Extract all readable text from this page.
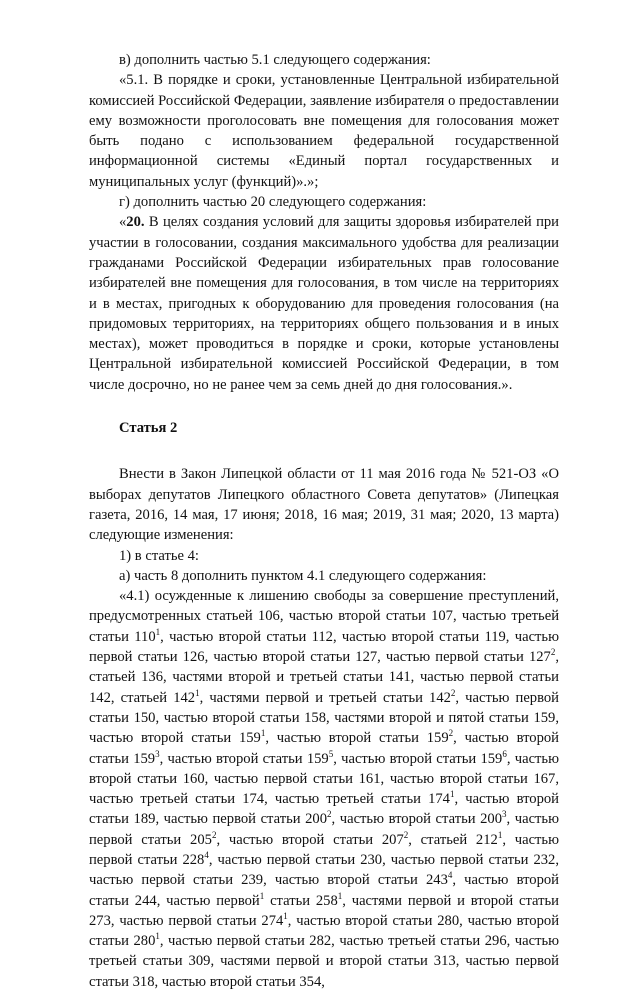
в) дополнить частью 5.1 следующего содержания:

«5.1. В порядке и сроки, установленные Центральной избирательной комиссией Российской Федерации, заявление избирателя о предоставлении ему возможности проголосовать вне помещения для голосования может быть подано с использованием федеральной государственной информационной системы «Единый портал государственных и муниципальных услуг (функций)».»;

г) дополнить частью 20 следующего содержания:

«20. В целях создания условий для защиты здоровья избирателей при участии в голосовании, создания максимального удобства для реализации гражданами Российской Федерации избирательных прав голосование избирателей вне помещения для голосования, в том числе на территориях и в местах, пригодных к оборудованию для проведения голосования (на придомовых территориях, на территориях общего пользования и в иных местах), может проводиться в порядке и сроки, которые установлены Центральной избирательной комиссией Российской Федерации, в том числе досрочно, но не ранее чем за семь дней до дня голосования.».

Статья 2

Внести в Закон Липецкой области от 11 мая 2016 года № 521-ОЗ «О выборах депутатов Липецкого областного Совета депутатов» (Липецкая газета, 2016, 14 мая, 17 июня; 2018, 16 мая; 2019, 31 мая; 2020, 13 марта) следующие изменения:

1) в статье 4:

а) часть 8 дополнить пунктом 4.1 следующего содержания:

«4.1) осужденные к лишению свободы за совершение преступлений, предусмотренных статьей 106, частью второй статьи 107, частью третьей статьи $110^1$, частью второй статьи 112, частью второй статьи 119, частью первой статьи 126, частью второй статьи 127, частью первой статьи $127^2$, статьей 136, частями второй и третьей статьи 141, частью первой статьи 142, статьей $142^1$, частями первой и третьей статьи $142^2$, частью первой статьи 150, частью второй статьи 158, частями второй и пятой статьи 159, частью второй статьи $159^1$, частью второй статьи $159^2$, частью второй статьи $159^3$, частью второй статьи $159^5$, частью второй статьи $159^6$, частью второй статьи 160, частью первой статьи 161, частью второй статьи 167, частью третьей статьи 174, частью третьей статьи $174^1$, частью второй статьи 189, частью первой статьи $200^2$, частью второй статьи $200^3$, частью первой статьи $205^2$, частью второй статьи $207^2$, статьей $212^1$, частью первой статьи $228^4$, частью первой статьи 230, частью первой статьи 232, частью первой статьи 239, частью второй статьи $243^4$, частью второй статьи 244, частью первой$^1$ статьи $258^1$, частями первой и второй статьи 273, частью первой статьи $274^1$, частью второй статьи 280, частью второй статьи $280^1$, частью первой статьи 282, частью третьей статьи 296, частью третьей статьи 309, частями первой и второй статьи 313, частью первой статьи 318, частью второй статьи 354,
